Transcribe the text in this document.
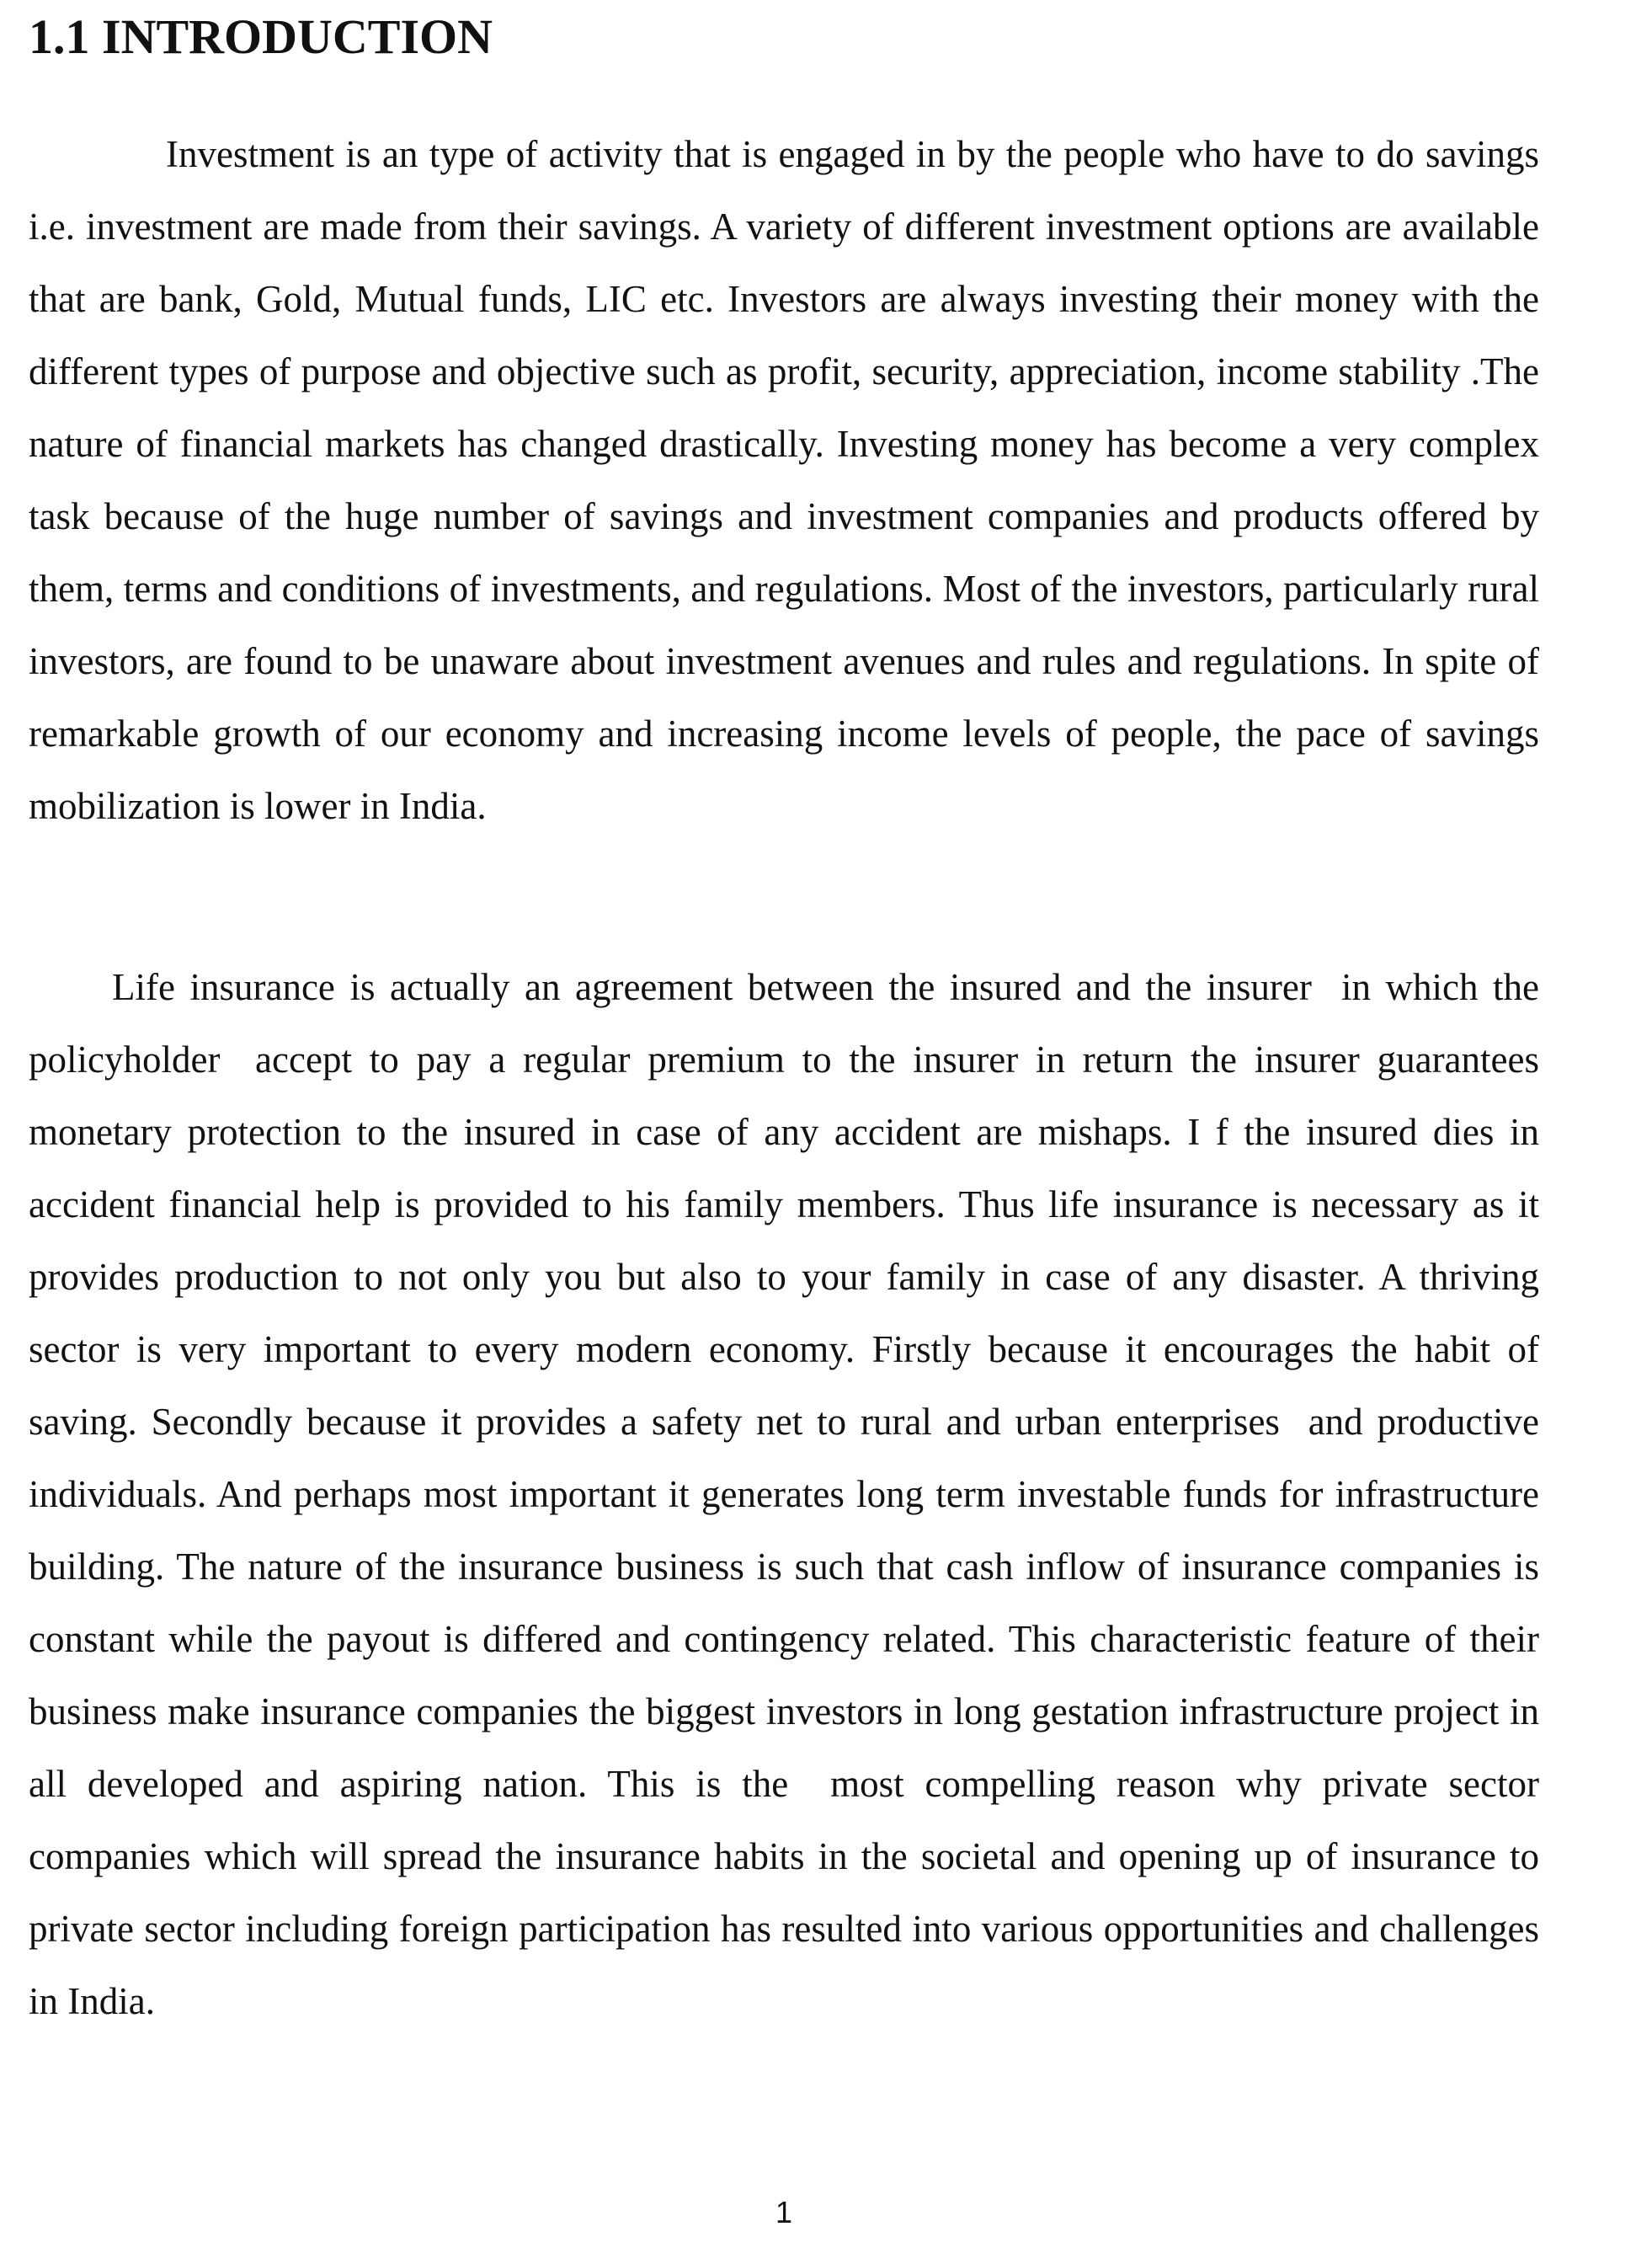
1.1 INTRODUCTION

Investment is an type of activity that is engaged in by the people who have to do savings i.e. investment are made from their savings. A variety of different investment options are available that are bank, Gold, Mutual funds, LIC etc. Investors are always investing their money with the different types of purpose and objective such as profit, security, appreciation, income stability .The nature of financial markets has changed drastically. Investing money has become a very complex task because of the huge number of savings and investment companies and products offered by them, terms and conditions of investments, and regulations. Most of the investors, particularly rural investors, are found to be unaware about investment avenues and rules and regulations. In spite of remarkable growth of our economy and increasing income levels of people, the pace of savings mobilization is lower in India.

Life insurance is actually an agreement between the insured and the insurer  in which the policyholder  accept to pay a regular premium to the insurer in return the insurer guarantees monetary protection to the insured in case of any accident are mishaps. I f the insured dies in accident financial help is provided to his family members. Thus life insurance is necessary as it provides production to not only you but also to your family in case of any disaster. A thriving sector is very important to every modern economy. Firstly because it encourages the habit of saving. Secondly because it provides a safety net to rural and urban enterprises  and productive individuals. And perhaps most important it generates long term investable funds for infrastructure building. The nature of the insurance business is such that cash inflow of insurance companies is constant while the payout is differed and contingency related. This characteristic feature of their business make insurance companies the biggest investors in long gestation infrastructure project in all developed and aspiring nation. This is the  most compelling reason why private sector companies which will spread the insurance habits in the societal and opening up of insurance to private sector including foreign participation has resulted into various opportunities and challenges in India.

1
